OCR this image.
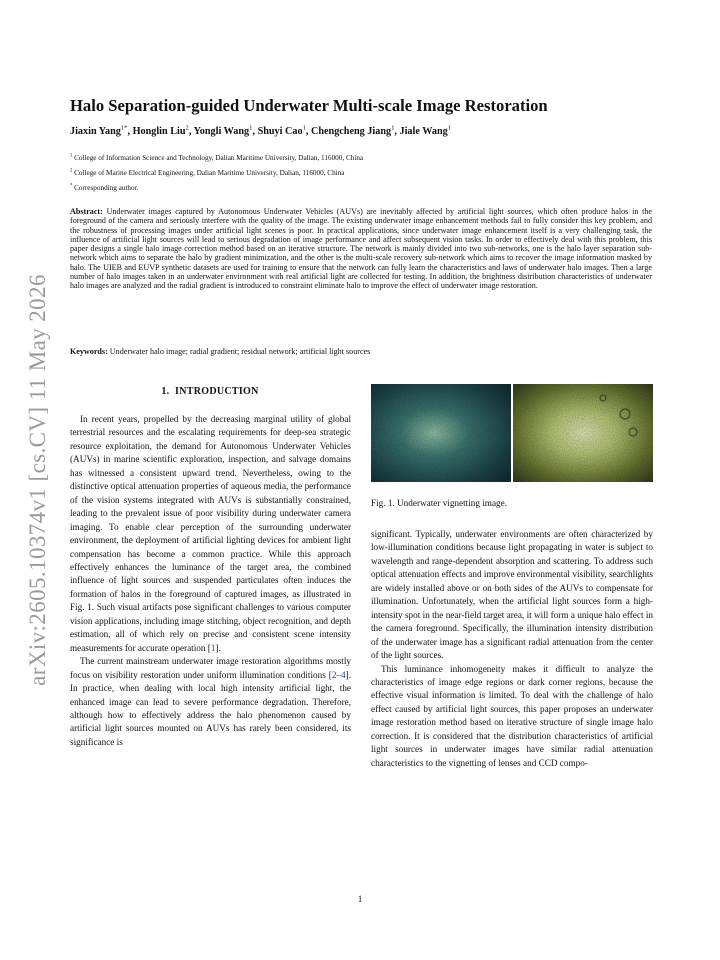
arXiv:2605.10374v1 [cs.CV] 11 May 2026
Halo Separation-guided Underwater Multi-scale Image Restoration
Jiaxin Yang$^{1*}$, Honglin Liu$^2$, Yongli Wang$^1$, Shuyi Cao$^1$, Chengcheng Jiang$^1$, Jiale Wang$^1$
$^1$ College of Information Science and Technology, Dalian Maritime University, Dalian, 116000, China
$^2$ College of Marine Electrical Engineering, Dalian Maritime University, Dalian, 116000, China
* Corresponding author.
Abstract: Underwater images captured by Autonomous Underwater Vehicles (AUVs) are inevitably affected by artificial light sources, which often produce halos in the foreground of the camera and seriously interfere with the quality of the image. The existing underwater image enhancement methods fail to fully consider this key problem, and the robustness of processing images under artificial light scenes is poor. In practical applications, since underwater image enhancement itself is a very challenging task, the influence of artificial light sources will lead to serious degradation of image performance and affect subsequent vision tasks. In order to effectively deal with this problem, this paper designs a single halo image correction method based on an iterative structure. The network is mainly divided into two sub-networks, one is the halo layer separation sub-network which aims to separate the halo by gradient minimization, and the other is the multi-scale recovery sub-network which aims to recover the image information masked by halo. The UIEB and EUVP synthetic datasets are used for training to ensure that the network can fully learn the characteristics and laws of underwater halo images. Then a large number of halo images taken in an underwater environment with real artificial light are collected for testing. In addition, the brightness distribution characteristics of underwater halo images are analyzed and the radial gradient is introduced to constraint eliminate halo to improve the effect of underwater image restoration.
Keywords: Underwater halo image; radial gradient; residual network; artificial light sources
1. INTRODUCTION

In recent years, propelled by the decreasing marginal utility of global terrestrial resources and the escalating requirements for deep-sea strategic resource exploitation, the demand for Autonomous Underwater Vehicles (AUVs) in marine scientific exploration, inspection, and salvage domains has witnessed a consistent upward trend. Nevertheless, owing to the distinctive optical attenuation properties of aqueous media, the performance of the vision systems integrated with AUVs is substantially constrained, leading to the prevalent issue of poor visibility during underwater camera imaging. To enable clear perception of the surrounding underwater environment, the deployment of artificial lighting devices for ambient light compensation has become a common practice. While this approach effectively enhances the luminance of the target area, the combined influence of light sources and suspended particulates often induces the formation of halos in the foreground of captured images, as illustrated in Fig. 1. Such visual artifacts pose significant challenges to various computer vision applications, including image stitching, object recognition, and depth estimation, all of which rely on precise and consistent scene intensity measurements for accurate operation [1].

The current mainstream underwater image restoration algorithms mostly focus on visibility restoration under uniform illumination conditions [2–4]. In practice, when dealing with local high intensity artificial light, the enhanced image can lead to severe performance degradation. Therefore, although how to effectively address the halo phenomenon caused by artificial light sources mounted on AUVs has rarely been considered, its significance is

Fig. 1. Underwater vignetting image.

significant. Typically, underwater environments are often characterized by low-illumination conditions because light propagating in water is subject to wavelength and range-dependent absorption and scattering. To address such optical attenuation effects and improve environmental visibility, searchlights are widely installed above or on both sides of the AUVs to compensate for illumination. Unfortunately, when the artificial light sources form a high-intensity spot in the near-field target area, it will form a unique halo effect in the camera foreground. Specifically, the illumination intensity distribution of the underwater image has a significant radial attenuation from the center of the light sources.

This luminance inhomogeneity makes it difficult to analyze the characteristics of image edge regions or dark corner regions, because the effective visual information is limited. To deal with the challenge of halo effect caused by artificial light sources, this paper proposes an underwater image restoration method based on iterative structure of single image halo correction. It is considered that the distribution characteristics of artificial light sources in underwater images have similar radial attenuation characteristics to the vignetting of lenses and CCD compo-

1
